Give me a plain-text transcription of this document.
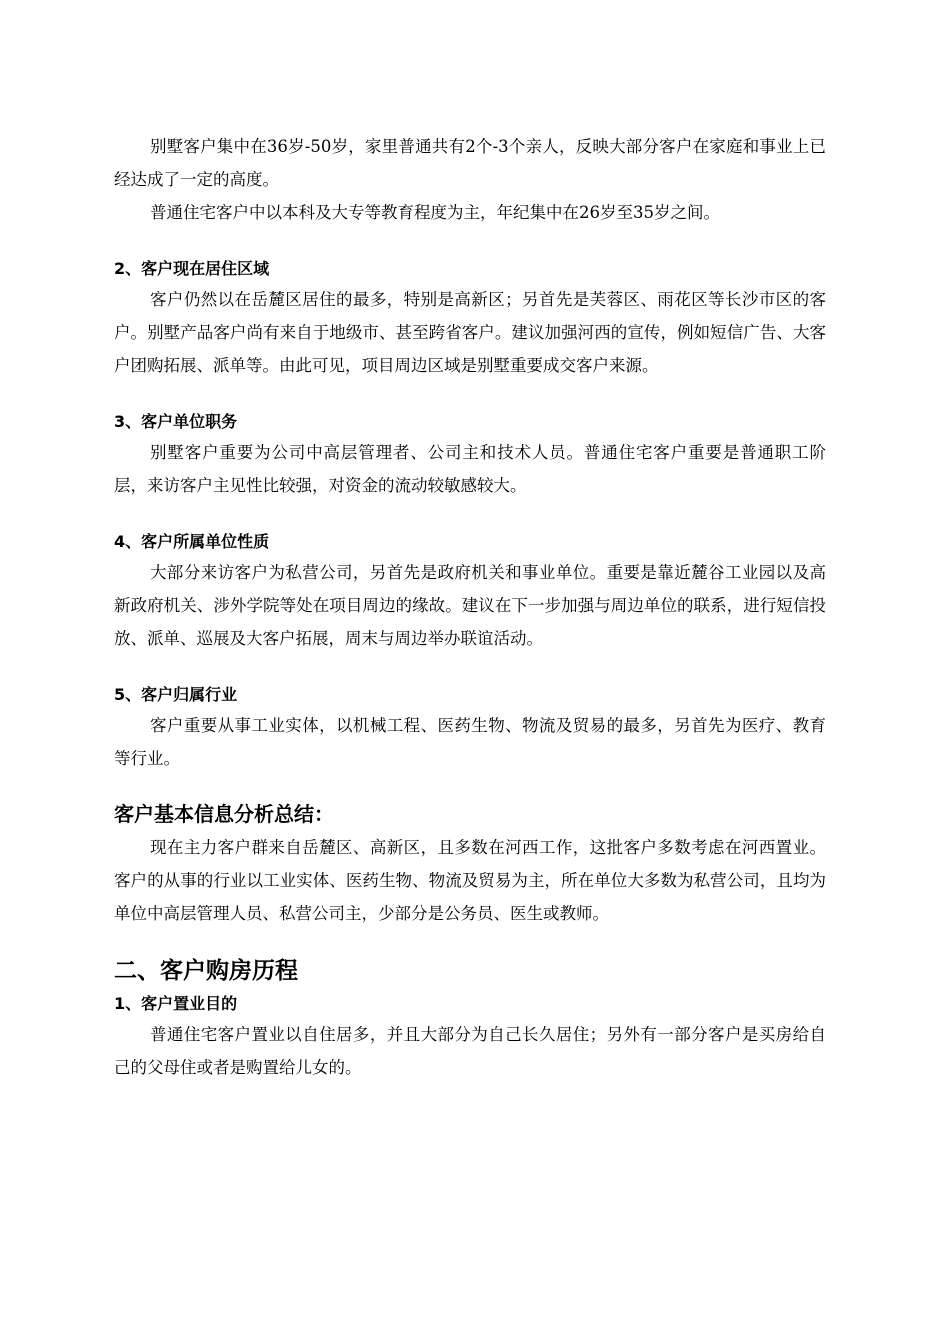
别墅客户集中在36岁-50岁，家里普通共有2个-3个亲人，反映大部分客户在家庭和事业上已经达成了一定的高度。

普通住宅客户中以本科及大专等教育程度为主，年纪集中在26岁至35岁之间。

2、客户现在居住区域

客户仍然以在岳麓区居住的最多，特别是高新区；另首先是芙蓉区、雨花区等长沙市区的客户。别墅产品客户尚有来自于地级市、甚至跨省客户。建议加强河西的宣传，例如短信广告、大客户团购拓展、派单等。由此可见，项目周边区域是别墅重要成交客户来源。

3、客户单位职务

别墅客户重要为公司中高层管理者、公司主和技术人员。普通住宅客户重要是普通职工阶层，来访客户主见性比较强，对资金的流动较敏感较大。

4、客户所属单位性质

大部分来访客户为私营公司，另首先是政府机关和事业单位。重要是靠近麓谷工业园以及高新政府机关、涉外学院等处在项目周边的缘故。建议在下一步加强与周边单位的联系，进行短信投放、派单、巡展及大客户拓展，周末与周边举办联谊活动。

5、客户归属行业

客户重要从事工业实体，以机械工程、医药生物、物流及贸易的最多，另首先为医疗、教育等行业。

客户基本信息分析总结：

现在主力客户群来自岳麓区、高新区，且多数在河西工作，这批客户多数考虑在河西置业。客户的从事的行业以工业实体、医药生物、物流及贸易为主，所在单位大多数为私营公司，且均为单位中高层管理人员、私营公司主，少部分是公务员、医生或教师。

二、客户购房历程
1、客户置业目的

普通住宅客户置业以自住居多，并且大部分为自己长久居住；另外有一部分客户是买房给自己的父母住或者是购置给儿女的。
